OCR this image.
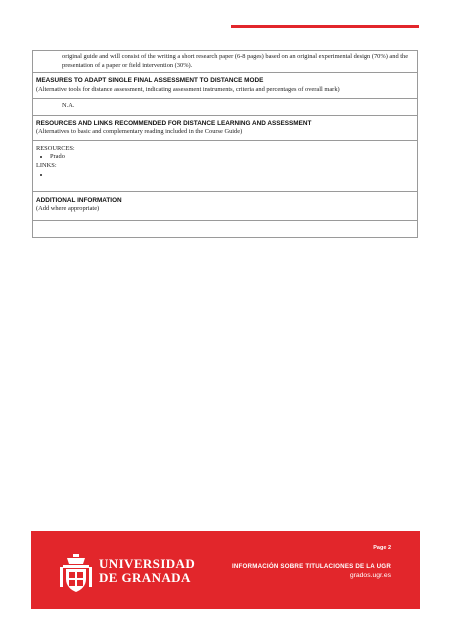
original guide and will consist of the writing a short research paper (6-8 pages) based on an original experimental design (70%) and the presentation of a paper or field intervention (30%).

MEASURES TO ADAPT SINGLE FINAL ASSESSMENT TO DISTANCE MODE
(Alternative tools for distance assessment, indicating assessment instruments, criteria and percentages of overall mark)

N.A.

RESOURCES AND LINKS RECOMMENDED FOR DISTANCE LEARNING AND ASSESSMENT
(Alternatives to basic and complementary reading included in the Course Guide)

RESOURCES:
• Prado
LINKS:
•

ADDITIONAL INFORMATION
(Add where appropriate)

UNIVERSIDAD
DE GRANADA
Page 2
INFORMACIÓN SOBRE TITULACIONES DE LA UGR
grados.ugr.es
